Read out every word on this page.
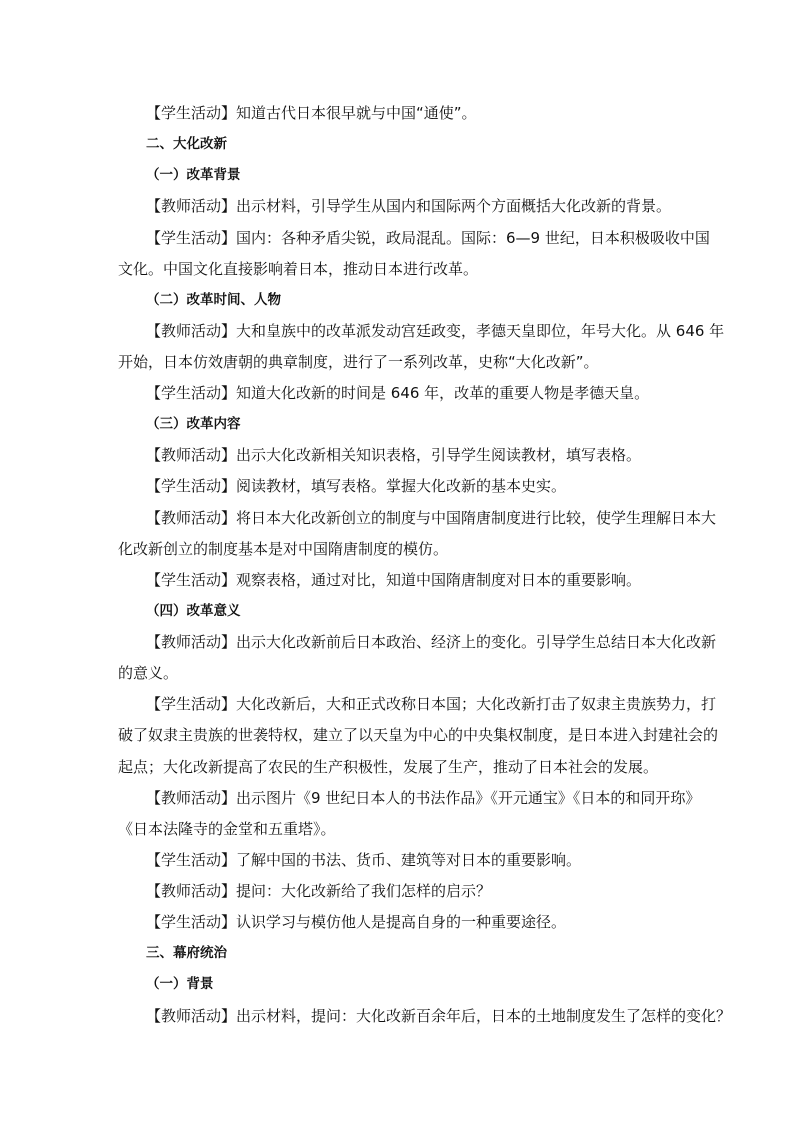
【学生活动】知道古代日本很早就与中国“通使”。
二、大化改新
（一）改革背景
【教师活动】出示材料，引导学生从国内和国际两个方面概括大化改新的背景。
【学生活动】国内：各种矛盾尖锐，政局混乱。国际：6—9 世纪，日本积极吸收中国
文化。中国文化直接影响着日本，推动日本进行改革。
（二）改革时间、人物
【教师活动】大和皇族中的改革派发动宫廷政变，孝德天皇即位，年号大化。从 646 年
开始，日本仿效唐朝的典章制度，进行了一系列改革，史称“大化改新”。
【学生活动】知道大化改新的时间是 646 年，改革的重要人物是孝德天皇。
（三）改革内容
【教师活动】出示大化改新相关知识表格，引导学生阅读教材，填写表格。
【学生活动】阅读教材，填写表格。掌握大化改新的基本史实。
【教师活动】将日本大化改新创立的制度与中国隋唐制度进行比较，使学生理解日本大
化改新创立的制度基本是对中国隋唐制度的模仿。
【学生活动】观察表格，通过对比，知道中国隋唐制度对日本的重要影响。
（四）改革意义
【教师活动】出示大化改新前后日本政治、经济上的变化。引导学生总结日本大化改新
的意义。
【学生活动】大化改新后，大和正式改称日本国；大化改新打击了奴隶主贵族势力，打
破了奴隶主贵族的世袭特权，建立了以天皇为中心的中央集权制度，是日本进入封建社会的
起点；大化改新提高了农民的生产积极性，发展了生产，推动了日本社会的发展。
【教师活动】出示图片《9 世纪日本人的书法作品》《开元通宝》《日本的和同开珎》
《日本法隆寺的金堂和五重塔》。
【学生活动】了解中国的书法、货币、建筑等对日本的重要影响。
【教师活动】提问：大化改新给了我们怎样的启示？
【学生活动】认识学习与模仿他人是提高自身的一种重要途径。
三、幕府统治
（一）背景
【教师活动】出示材料，提问：大化改新百余年后，日本的土地制度发生了怎样的变化？
